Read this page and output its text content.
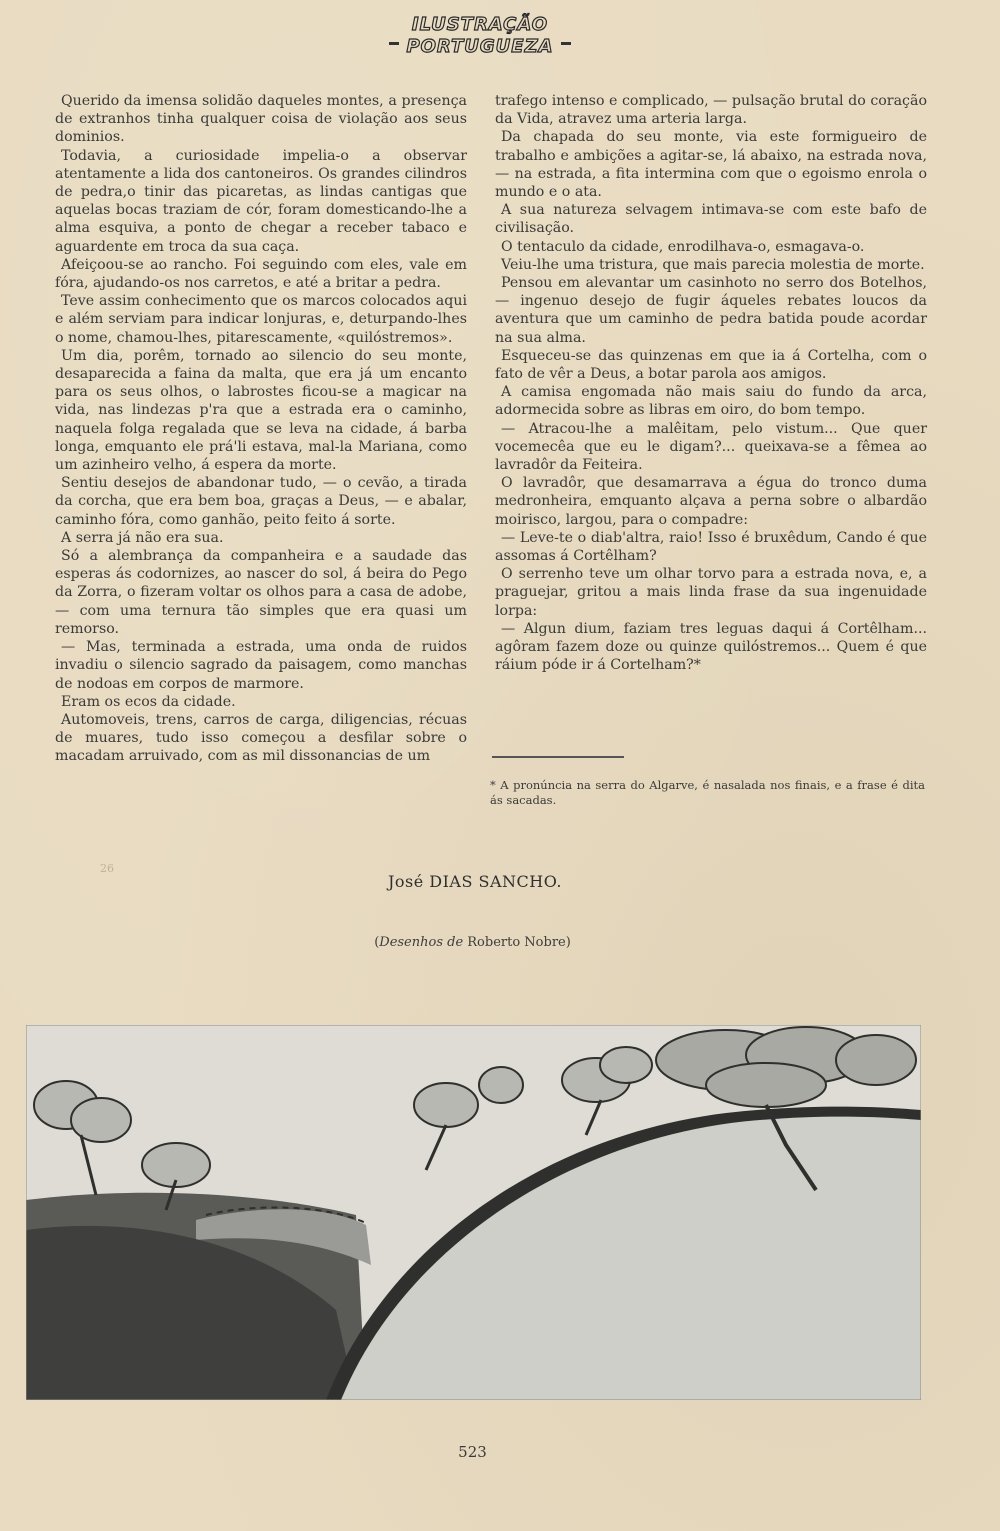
ILUSTRAÇÃO
PORTUGUEZA

Querido da imensa solidão daqueles montes, a presença de extranhos tinha qualquer coisa de violação aos seus dominios.

Todavia, a curiosidade impelia-o a observar atentamente a lida dos cantoneiros. Os grandes cilindros de pedra,o tinir das picaretas, as lindas cantigas que aquelas bocas traziam de cór, foram domesticando-lhe a alma esquiva, a ponto de chegar a receber tabaco e aguardente em troca da sua caça.

Afeiçoou-se ao rancho. Foi seguindo com eles, vale em fóra, ajudando-os nos carretos, e até a britar a pedra.

Teve assim conhecimento que os marcos colocados aqui e além serviam para indicar lonjuras, e, deturpando-lhes o nome, chamou-lhes, pitarescamente, «quilóstremos».

Um dia, porêm, tornado ao silencio do seu monte, desaparecida a faina da malta, que era já um encanto para os seus olhos, o labrostes ficou-se a magicar na vida, nas lindezas p'ra que a estrada era o caminho, naquela folga regalada que se leva na cidade, á barba longa, emquanto ele prá'li estava, mal-la Mariana, como um azinheiro velho, á espera da morte.

Sentiu desejos de abandonar tudo, — o cevão, a tirada da corcha, que era bem boa, graças a Deus, — e abalar, caminho fóra, como ganhão, peito feito á sorte.

A serra já não era sua.

Só a alembrança da companheira e a saudade das esperas ás codornizes, ao nascer do sol, á beira do Pego da Zorra, o fizeram voltar os olhos para a casa de adobe, — com uma ternura tão simples que era quasi um remorso.

— Mas, terminada a estrada, uma onda de ruidos invadiu o silencio sagrado da paisagem, como manchas de nodoas em corpos de marmore.

Eram os ecos da cidade.

Automoveis, trens, carros de carga, diligencias, récuas de muares, tudo isso começou a desfilar sobre o macadam arruivado, com as mil dissonancias de um

trafego intenso e complicado, — pulsação brutal do coração da Vida, atravez uma arteria larga.

Da chapada do seu monte, via este formigueiro de trabalho e ambições a agitar-se, lá abaixo, na estrada nova, — na estrada, a fita intermina com que o egoismo enrola o mundo e o ata.

A sua natureza selvagem intimava-se com este bafo de civilisação.

O tentaculo da cidade, enrodilhava-o, esmagava-o.

Veiu-lhe uma tristura, que mais parecia molestia de morte.

Pensou em alevantar um casinhoto no serro dos Botelhos, — ingenuo desejo de fugir áqueles rebates loucos da aventura que um caminho de pedra batida poude acordar na sua alma.

Esqueceu-se das quinzenas em que ia á Cortelha, com o fato de vêr a Deus, a botar parola aos amigos.

A camisa engomada não mais saiu do fundo da arca, adormecida sobre as libras em oiro, do bom tempo.

— Atracou-lhe a malêitam, pelo vistum... Que quer vocemecêa que eu le digam?... queixava-se a fêmea ao lavradôr da Feiteira.

O lavradôr, que desamarrava a égua do tronco duma medronheira, emquanto alçava a perna sobre o albardão moirisco, largou, para o compadre:

— Leve-te o diab'altra, raio! Isso é bruxêdum, Cando é que assomas á Cortêlham?

O serrenho teve um olhar torvo para a estrada nova, e, a praguejar, gritou a mais linda frase da sua ingenuidade lorpa:

— Algun dium, faziam tres leguas daqui á Cortêlham... agôram fazem doze ou quinze quilóstremos... Quem é que ráium póde ir á Cortelham?*

* A pronúncia na serra do Algarve, é nasalada nos finais, e a frase é dita ás sacadas.
26
José DIAS SANCHO.
(Desenhos de Roberto Nobre)
523
